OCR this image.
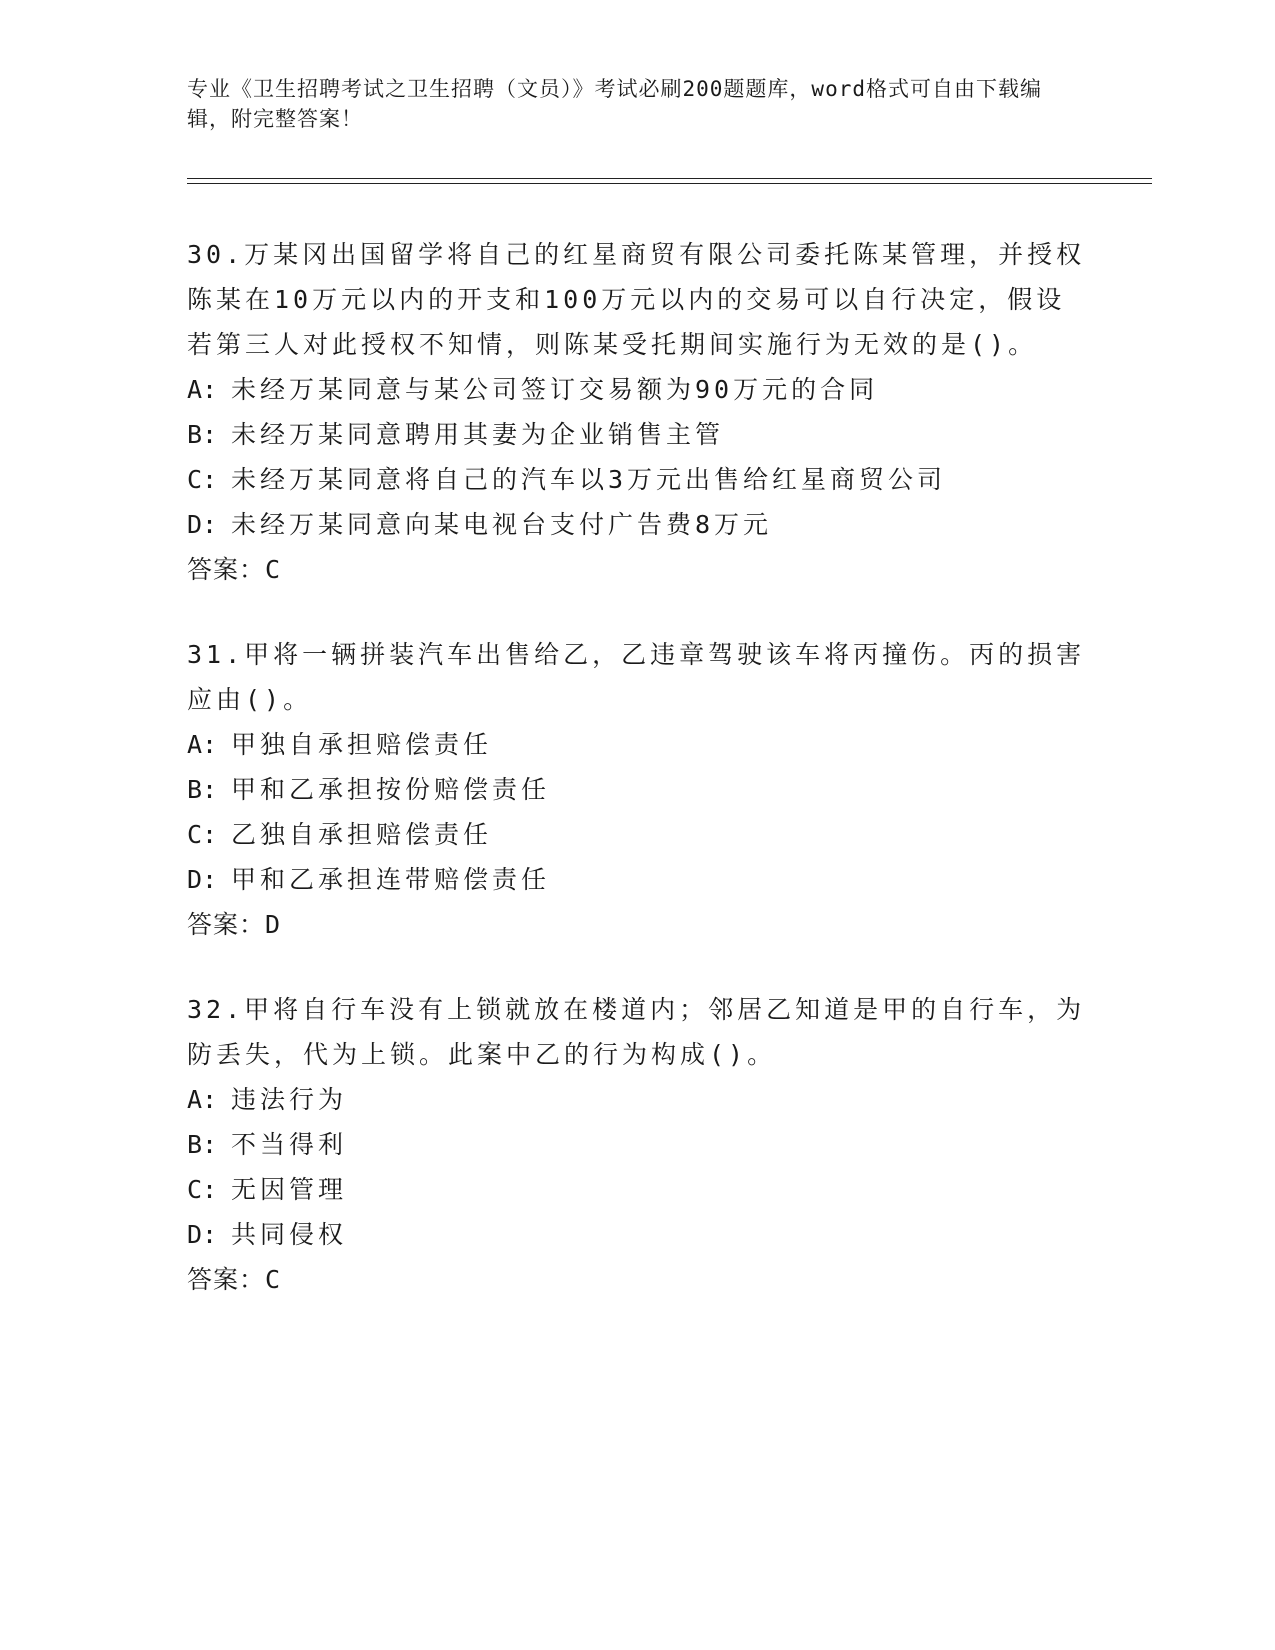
专业《卫生招聘考试之卫生招聘（文员）》考试必刷200题题库，word格式可自由下载编辑，附完整答案！
30.万某冈出国留学将自己的红星商贸有限公司委托陈某管理，并授权陈某在10万元以内的开支和100万元以内的交易可以自行决定，假设若第三人对此授权不知情，则陈某受托期间实施行为无效的是()。
A: 未经万某同意与某公司签订交易额为90万元的合同
B: 未经万某同意聘用其妻为企业销售主管
C: 未经万某同意将自己的汽车以3万元出售给红星商贸公司
D: 未经万某同意向某电视台支付广告费8万元
答案：C
31.甲将一辆拼装汽车出售给乙，乙违章驾驶该车将丙撞伤。丙的损害应由()。
A: 甲独自承担赔偿责任
B: 甲和乙承担按份赔偿责任
C: 乙独自承担赔偿责任
D: 甲和乙承担连带赔偿责任
答案：D
32.甲将自行车没有上锁就放在楼道内；邻居乙知道是甲的自行车，为防丢失，代为上锁。此案中乙的行为构成()。
A: 违法行为
B: 不当得利
C: 无因管理
D: 共同侵权
答案：C
